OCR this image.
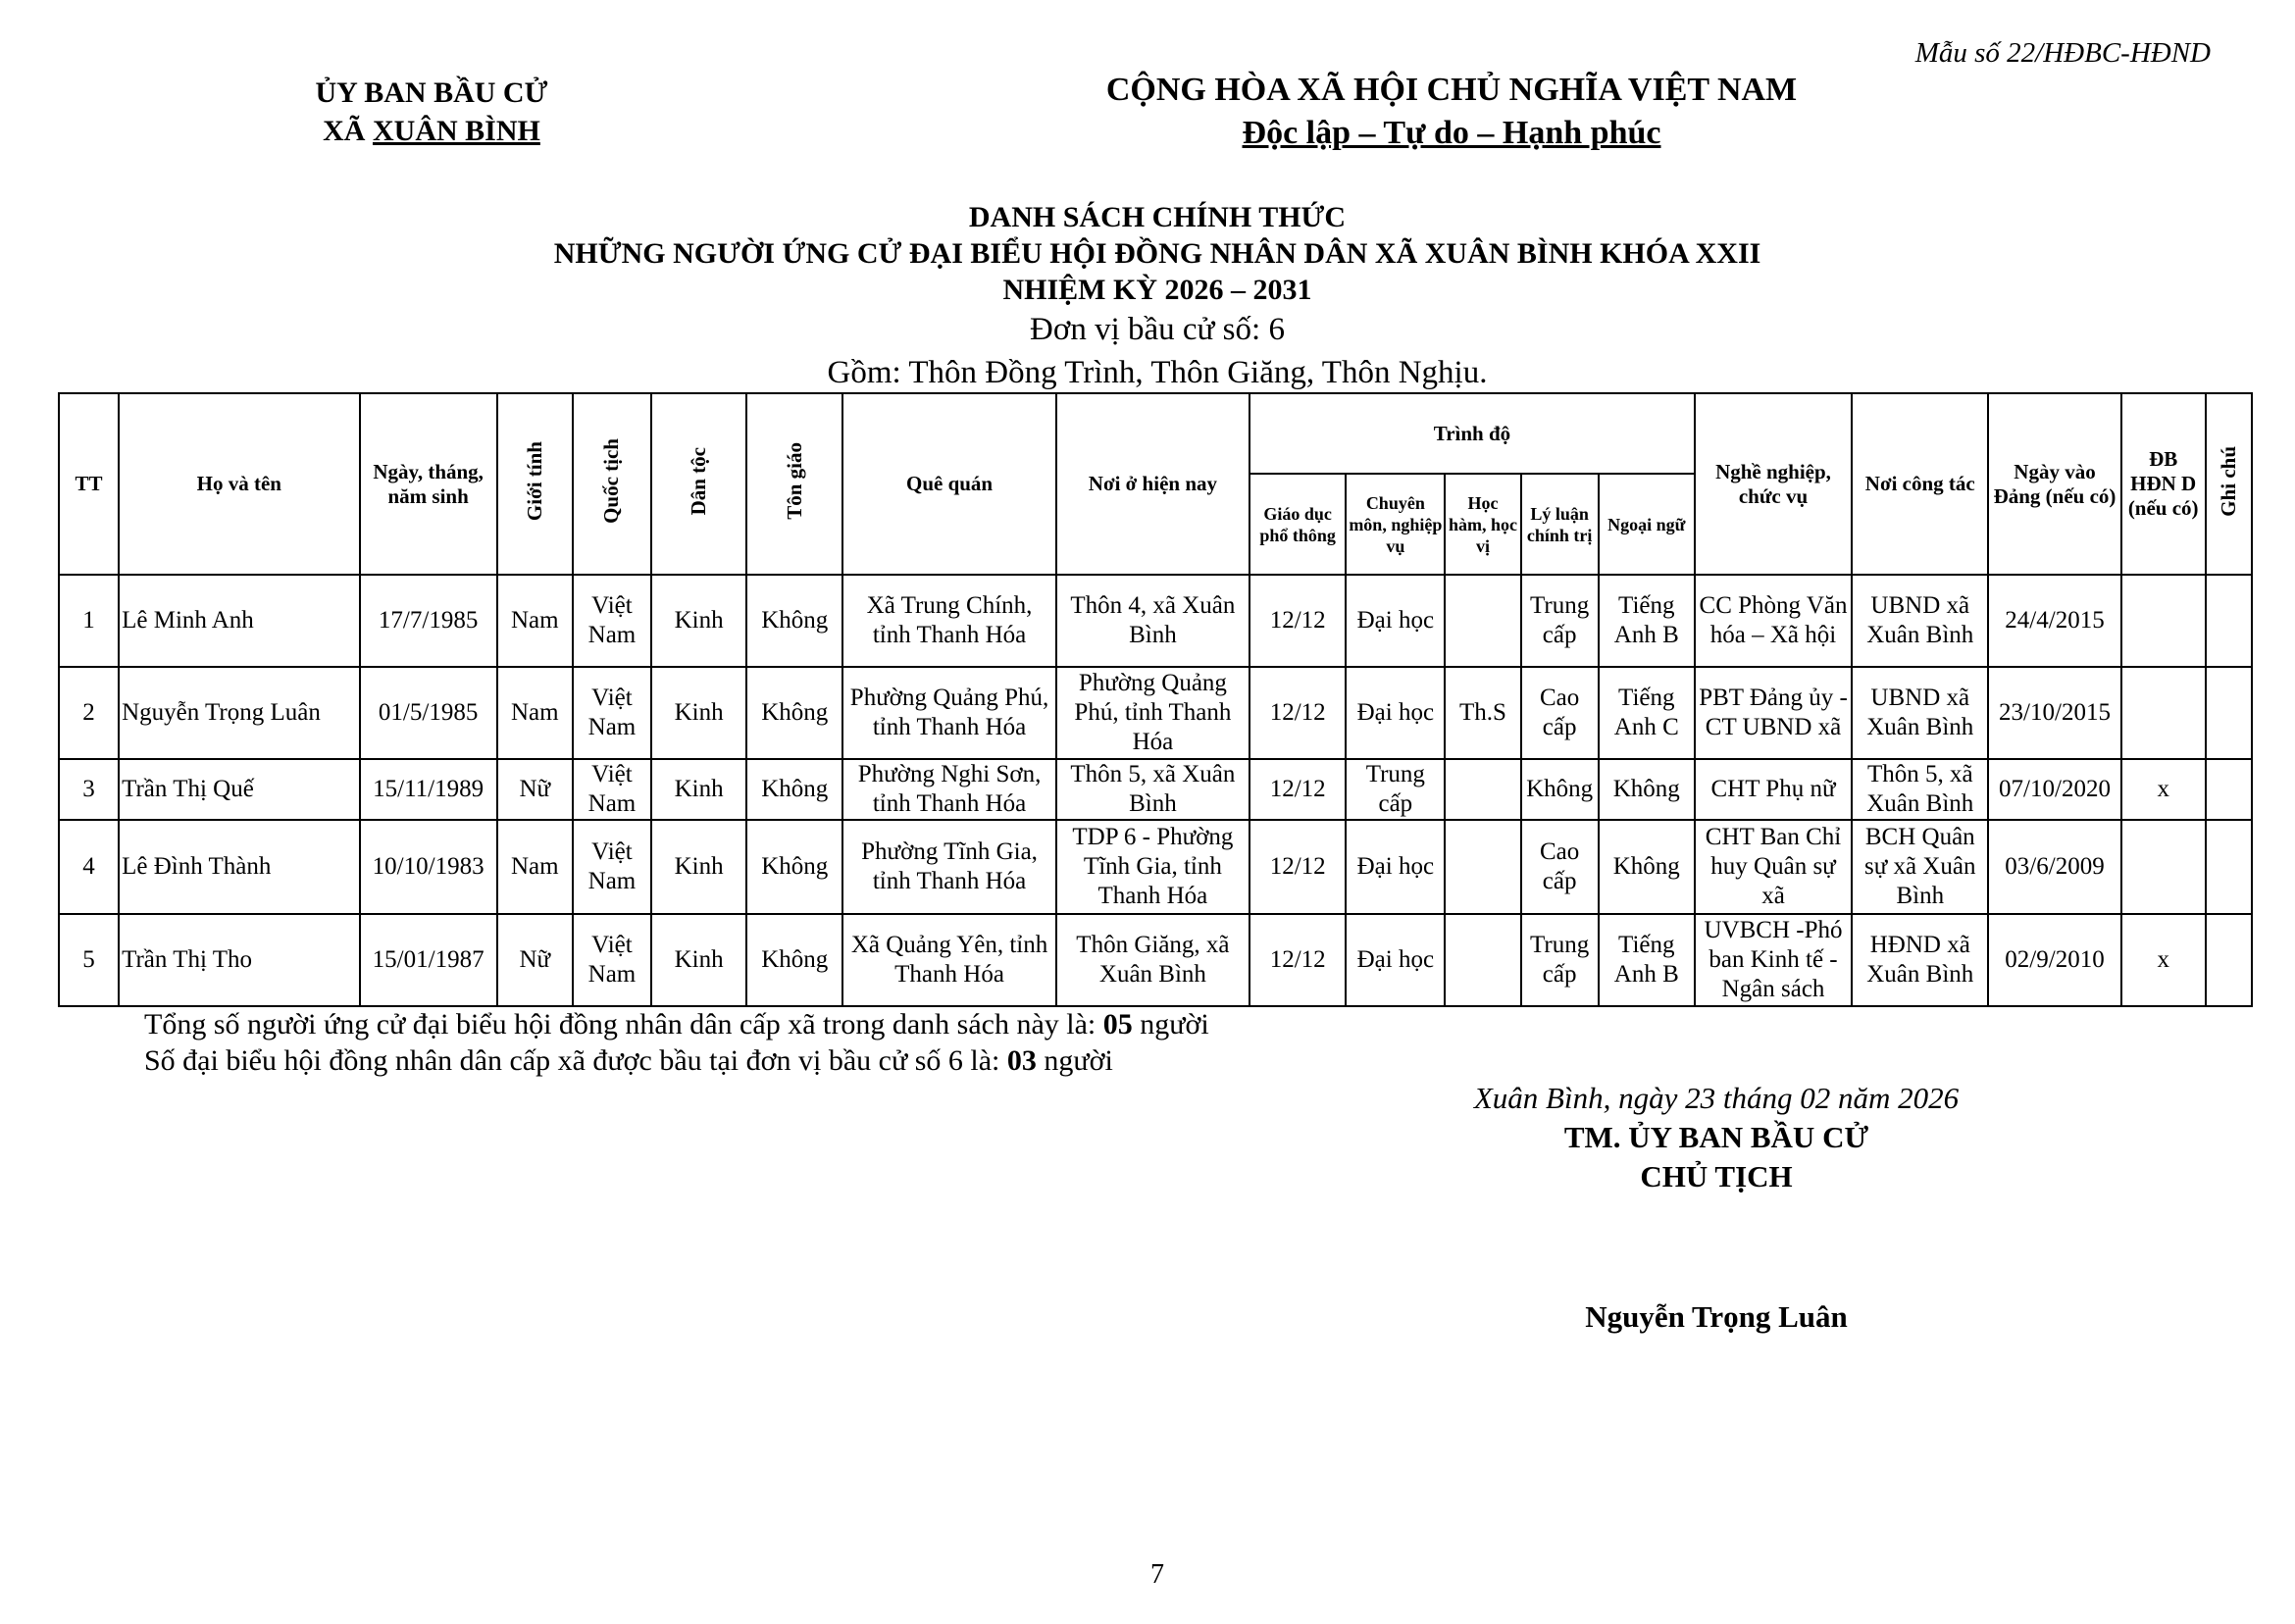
Mẫu số 22/HĐBC-HĐND
ỦY BAN BẦU CỬ
XÃ XUÂN BÌNH
CỘNG HÒA XÃ HỘI CHỦ NGHĨA VIỆT NAM
Độc lập – Tự do – Hạnh phúc
DANH SÁCH CHÍNH THỨC
NHỮNG NGƯỜI ỨNG CỬ ĐẠI BIỂU HỘI ĐỒNG NHÂN DÂN XÃ XUÂN BÌNH KHÓA XXII
NHIỆM KỲ 2026 – 2031
Đơn vị bầu cử số: 6
Gồm: Thôn Đồng Trình, Thôn Giăng, Thôn Nghịu.
TT	Họ và tên	Ngày, tháng, năm sinh	Giới tính	Quốc tịch	Dân tộc	Tôn giáo	Quê quán	Nơi ở hiện nay	Trình độ					Nghề nghiệp, chức vụ	Nơi công tác	Ngày vào Đảng (nếu có)	ĐB HĐN D (nếu có)	Ghi chú
									Giáo dục phổ thông	Chuyên môn, nghiệp vụ	Học hàm, học vị	Lý luận chính trị	Ngoại ngữ					
1	Lê Minh Anh	17/7/1985	Nam	Việt Nam	Kinh	Không	Xã Trung Chính, tỉnh Thanh Hóa	Thôn 4, xã Xuân Bình	12/12	Đại học		Trung cấp	Tiếng Anh B	CC Phòng Văn hóa – Xã hội	UBND xã Xuân Bình	24/4/2015		
2	Nguyễn Trọng Luân	01/5/1985	Nam	Việt Nam	Kinh	Không	Phường Quảng Phú, tỉnh Thanh Hóa	Phường Quảng Phú, tỉnh Thanh Hóa	12/12	Đại học	Th.S	Cao cấp	Tiếng Anh C	PBT Đảng ủy - CT UBND xã	UBND xã Xuân Bình	23/10/2015		
3	Trần Thị Quế	15/11/1989	Nữ	Việt Nam	Kinh	Không	Phường Nghi Sơn, tỉnh Thanh Hóa	Thôn 5, xã Xuân Bình	12/12	Trung cấp		Không	Không	CHT Phụ nữ	Thôn 5, xã Xuân Bình	07/10/2020	x	
4	Lê Đình Thành	10/10/1983	Nam	Việt Nam	Kinh	Không	Phường Tĩnh Gia, tỉnh Thanh Hóa	TDP 6 - Phường Tĩnh Gia, tỉnh Thanh Hóa	12/12	Đại học		Cao cấp	Không	CHT Ban Chỉ huy Quân sự xã	BCH Quân sự xã Xuân Bình	03/6/2009		
5	Trần Thị Tho	15/01/1987	Nữ	Việt Nam	Kinh	Không	Xã Quảng Yên, tỉnh Thanh Hóa	Thôn Giăng, xã Xuân Bình	12/12	Đại học		Trung cấp	Tiếng Anh B	UVBCH -Phó ban Kinh tế - Ngân sách	HĐND xã Xuân Bình	02/9/2010	x	
Tổng số người ứng cử đại biểu hội đồng nhân dân cấp xã trong danh sách này là: 05 người
Số đại biểu hội đồng nhân dân cấp xã được bầu tại đơn vị bầu cử số 6 là: 03 người
Xuân Bình, ngày 23 tháng 02 năm 2026
TM. ỦY BAN BẦU CỬ
CHỦ TỊCH
Nguyễn Trọng Luân
7
